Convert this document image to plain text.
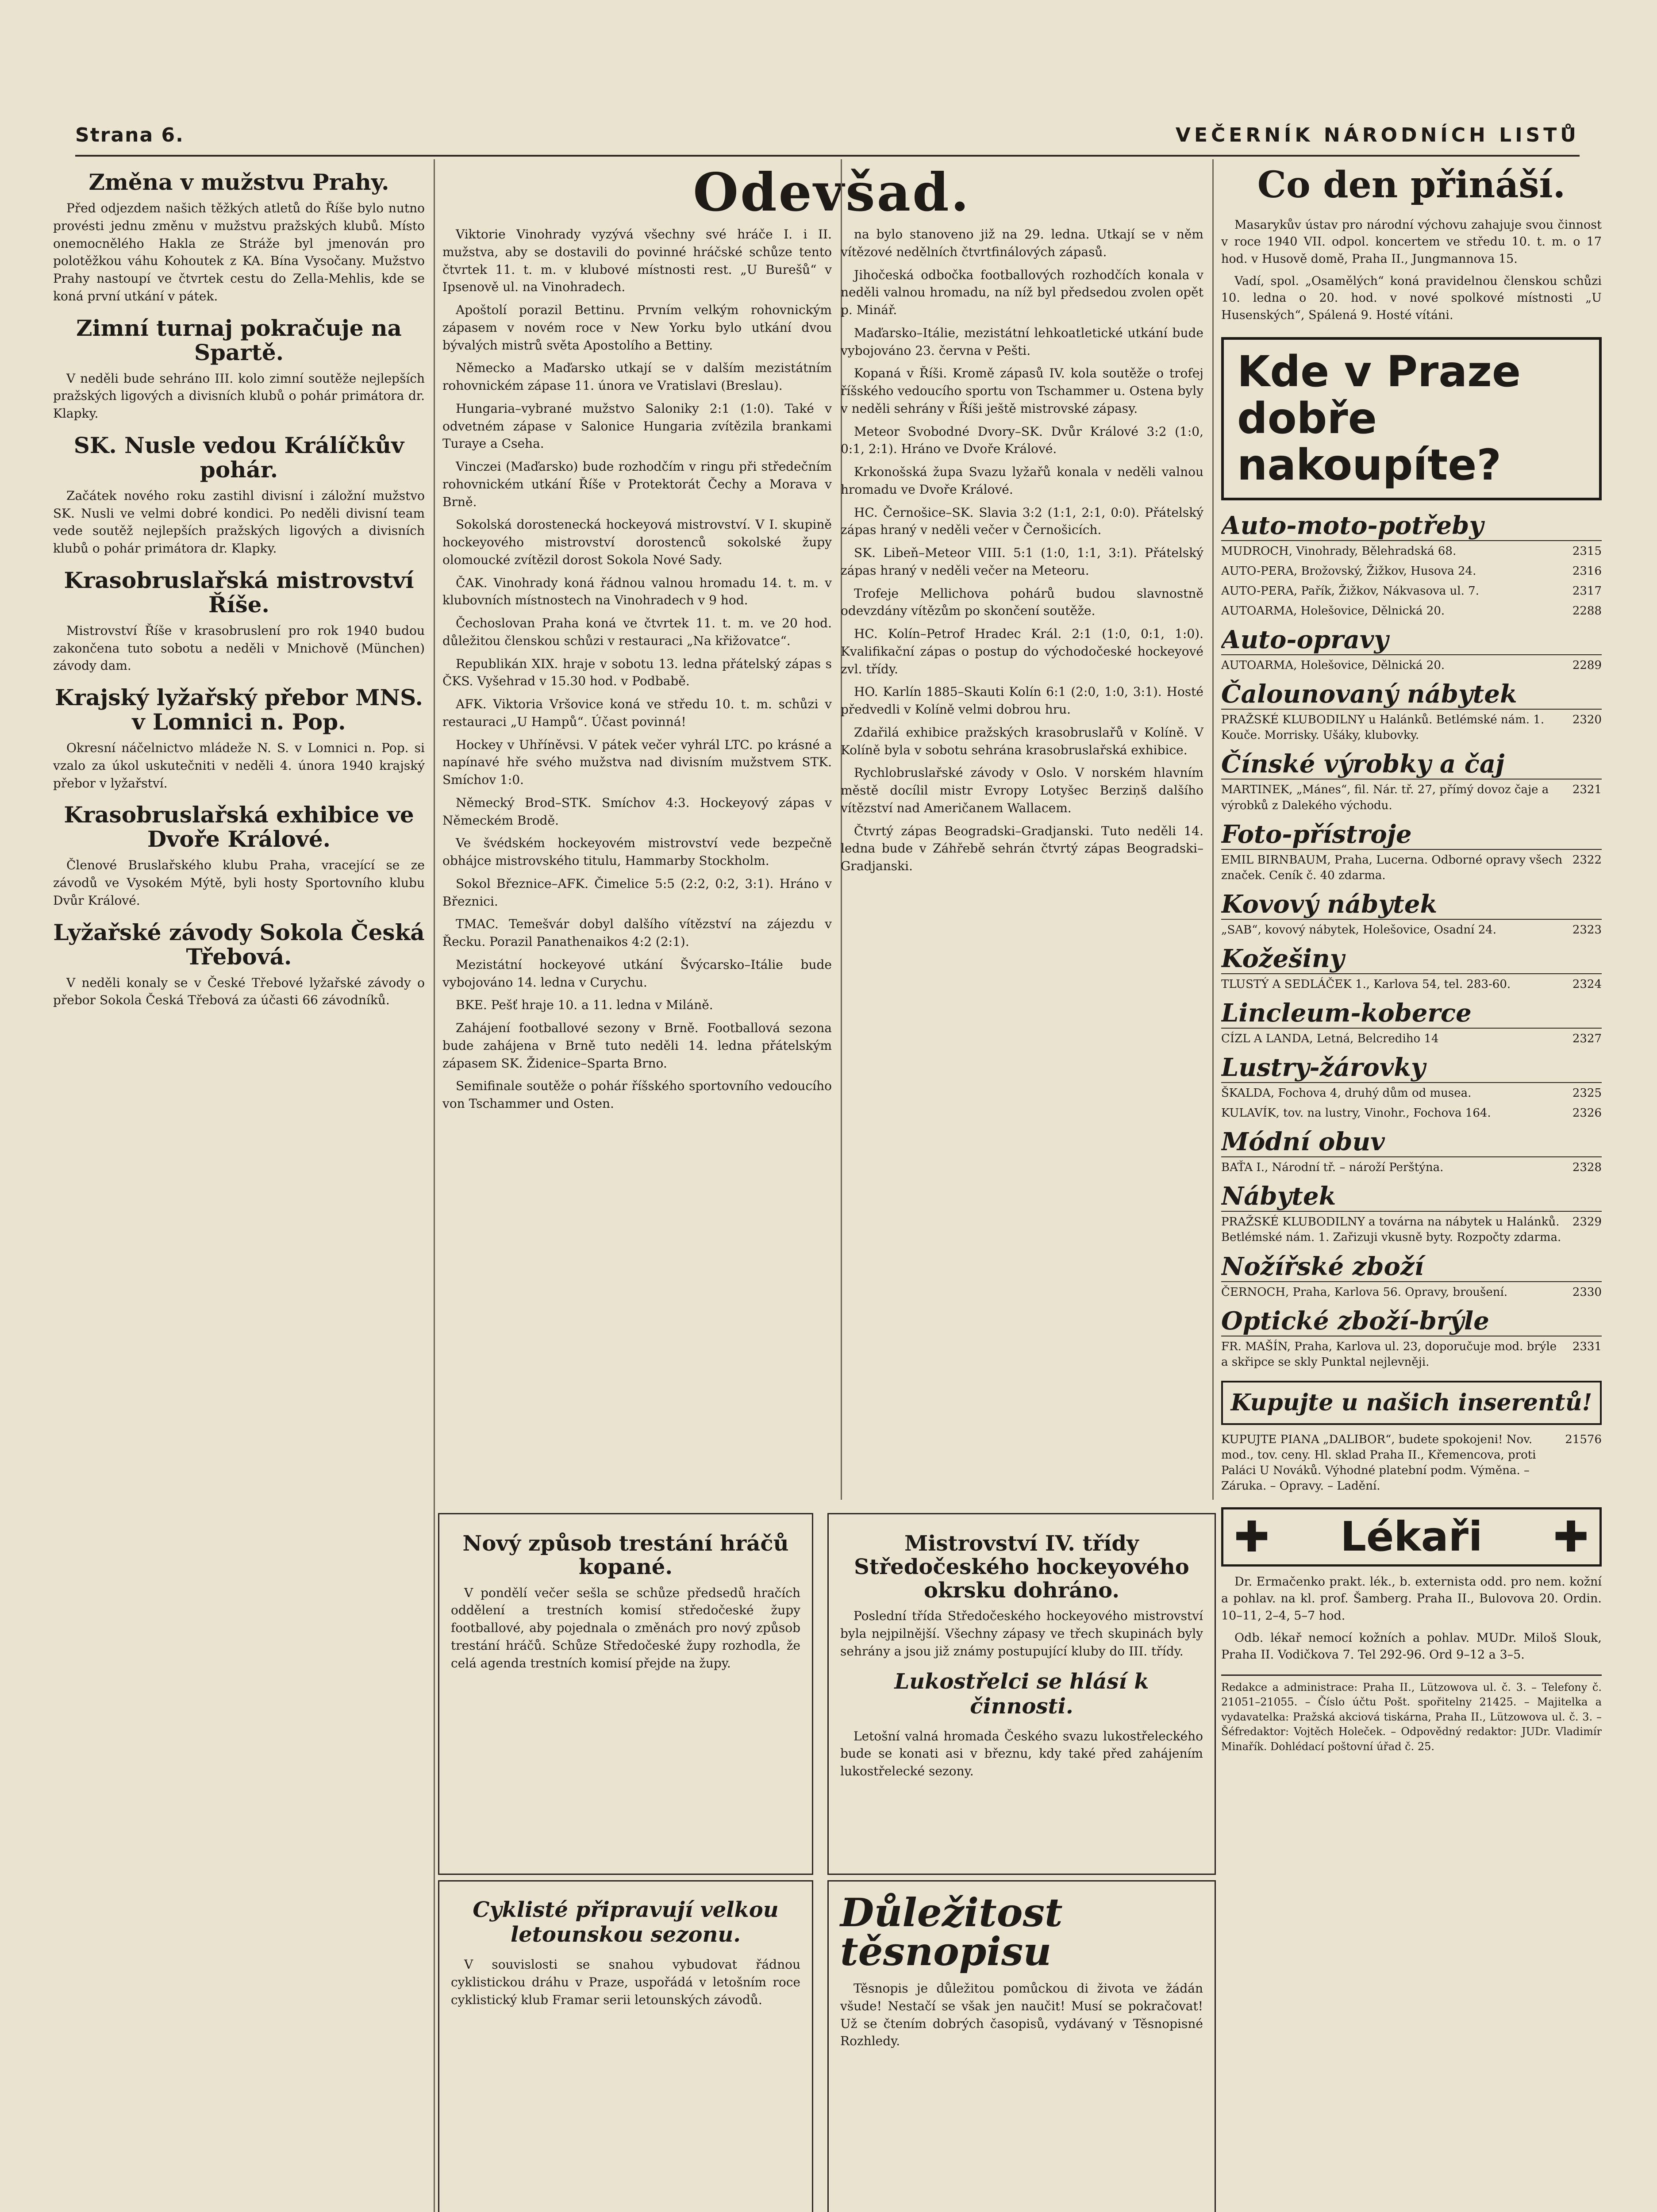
Strana 6.	VEČERNÍK NÁRODNÍCH LISTŮ
Odevšad.
Změna v mužstvu Prahy.

Před odjezdem našich těžkých atletů do Říše bylo nutno provésti jednu změnu v mužstvu pražských klubů. Místo onemocnělého Hakla ze Stráže byl jmenován pro polotěžkou váhu Kohoutek z KA. Bína Vysočany. Mužstvo Prahy nastoupí ve čtvrtek cestu do Zella-Mehlis, kde se koná první utkání v pátek.

Zimní turnaj pokračuje na Spartě.

V neděli bude sehráno III. kolo zimní soutěže nejlepších pražských ligových a divisních klubů o pohár primátora dr. Klapky.

SK. Nusle vedou Králíčkův pohár.

Začátek nového roku zastihl divisní i záložní mužstvo SK. Nusli ve velmi dobré kondici. Po neděli divisní team vede soutěž nejlepších pražských ligových a divisních klubů o pohár primátora dr. Klapky.

Krasobruslařská mistrovství Říše.

Mistrovství Říše v krasobruslení pro rok 1940 budou zakončena tuto sobotu a neděli v Mnichově (München) závody dam.

Krajský lyžařský přebor MNS. v Lomnici n. Pop.

Okresní náčelnictvo mládeže N. S. v Lomnici n. Pop. si vzalo za úkol uskutečniti v neděli 4. února 1940 krajský přebor v lyžařství.

Krasobruslařská exhibice ve Dvoře Králové.

Členové Bruslařského klubu Praha, vracející se ze závodů ve Vysokém Mýtě, byli hosty Sportovního klubu Dvůr Králové.

Lyžařské závody Sokola Česká Třebová.

V neděli konaly se v České Třebové lyžařské závody o přebor Sokola Česká Třebová za účasti 66 závodníků.

Viktorie Vinohrady vyzývá všechny své hráče I. i II. mužstva, aby se dostavili do povinné hráčské schůze tento čtvrtek 11. t. m. v klubové místnosti rest. „U Burešů“ v Ipsenově ul. na Vinohradech.

Apoštolí porazil Bettinu. Prvním velkým rohovnickým zápasem v novém roce v New Yorku bylo utkání dvou bývalých mistrů světa Apostolího a Bettiny.

Německo a Maďarsko utkají se v dalším mezistátním rohovnickém zápase 11. února ve Vratislavi (Breslau).

Hungaria–vybrané mužstvo Saloniky 2:1 (1:0). Také v odvetném zápase v Salonice Hungaria zvítězila brankami Turaye a Cseha.

Vinczei (Maďarsko) bude rozhodčím v ringu při středečním rohovnickém utkání Říše v Protektorát Čechy a Morava v Brně.

Sokolská dorostenecká hockeyová mistrovství. V I. skupině hockeyového mistrovství dorostenců sokolské župy olomoucké zvítězil dorost Sokola Nové Sady.

ČAK. Vinohrady koná řádnou valnou hromadu 14. t. m. v klubovních místnostech na Vinohradech v 9 hod.

Čechoslovan Praha koná ve čtvrtek 11. t. m. ve 20 hod. důležitou členskou schůzi v restauraci „Na křižovatce“.

Republikán XIX. hraje v sobotu 13. ledna přátelský zápas s ČKS. Vyšehrad v 15.30 hod. v Podbabě.

AFK. Viktoria Vršovice koná ve středu 10. t. m. schůzi v restauraci „U Hampů“. Účast povinná!

Hockey v Uhříněvsi. V pátek večer vyhrál LTC. po krásné a napínavé hře svého mužstva nad divisním mužstvem STK. Smíchov 1:0.

Německý Brod–STK. Smíchov 4:3. Hockeyový zápas v Německém Brodě.

Ve švédském hockeyovém mistrovství vede bezpečně obhájce mistrovského titulu, Hammarby Stockholm.

Sokol Březnice–AFK. Čimelice 5:5 (2:2, 0:2, 3:1). Hráno v Březnici.

TMAC. Temešvár dobyl dalšího vítězství na zájezdu v Řecku. Porazil Panathenaikos 4:2 (2:1).

Mezistátní hockeyové utkání Švýcarsko–Itálie bude vybojováno 14. ledna v Curychu.

BKE. Pešť hraje 10. a 11. ledna v Miláně.

Zahájení footballové sezony v Brně. Footballová sezona bude zahájena v Brně tuto neděli 14. ledna přátelským zápasem SK. Židenice–Sparta Brno.

Semifinale soutěže o pohár říšského sportovního vedoucího von Tschammer und Osten.

na bylo stanoveno již na 29. ledna. Utkají se v něm vítězové nedělních čtvrtfinálových zápasů.

Jihočeská odbočka footballových rozhodčích konala v neděli valnou hromadu, na níž byl předsedou zvolen opět p. Minář.

Maďarsko–Itálie, mezistátní lehkoatletické utkání bude vybojováno 23. června v Pešti.

Kopaná v Říši. Kromě zápasů IV. kola soutěže o trofej říšského vedoucího sportu von Tschammer u. Ostena byly v neděli sehrány v Říši ještě mistrovské zápasy.

Meteor Svobodné Dvory–SK. Dvůr Králové 3:2 (1:0, 0:1, 2:1). Hráno ve Dvoře Králové.

Krkonošská župa Svazu lyžařů konala v neděli valnou hromadu ve Dvoře Králové.

HC. Černošice–SK. Slavia 3:2 (1:1, 2:1, 0:0). Přátelský zápas hraný v neděli večer v Černošicích.

SK. Libeň–Meteor VIII. 5:1 (1:0, 1:1, 3:1). Přátelský zápas hraný v neděli večer na Meteoru.

Trofeje Mellichova pohárů budou slavnostně odevzdány vítězům po skončení soutěže.

HC. Kolín–Petrof Hradec Král. 2:1 (1:0, 0:1, 1:0). Kvalifikační zápas o postup do východočeské hockeyové zvl. třídy.

HO. Karlín 1885–Skauti Kolín 6:1 (2:0, 1:0, 3:1). Hosté předvedli v Kolíně velmi dobrou hru.

Zdařilá exhibice pražských krasobruslařů v Kolíně. V Kolíně byla v sobotu sehrána krasobruslařská exhibice.

Rychlobruslařské závody v Oslo. V norském hlavním městě docílil mistr Evropy Lotyšec Berziņš dalšího vítězství nad Američanem Wallacem.

Čtvrtý zápas Beogradski–Gradjanski. Tuto neděli 14. ledna bude v Záhřebě sehrán čtvrtý zápas Beogradski–Gradjanski.

Nový způsob trestání hráčů kopané.

V pondělí večer sešla se schůze předsedů hračích oddělení a trestních komisí středočeské župy footballové, aby pojednala o změnách pro nový způsob trestání hráčů. Schůze Středočeské župy rozhodla, že celá agenda trestních komisí přejde na župy.

Mistrovství IV. třídy Středočeského hockeyového okrsku dohráno.

Poslední třída Středočeského hockeyového mistrovství byla nejpilnější. Všechny zápasy ve třech skupinách byly sehrány a jsou již známy postupující kluby do III. třídy.

Lukostřelci se hlásí k činnosti.

Letošní valná hromada Českého svazu lukostřeleckého bude se konati asi v březnu, kdy také před zahájením lukostřelecké sezony.

Cyklisté připravují velkou letounskou sezonu.

V souvislosti se snahou vybudovat řádnou cyklistickou dráhu v Praze, uspořádá v letošním roce cyklistický klub Framar serii letounských závodů.

Důležitost těsnopisu

Těsnopis je důležitou pomůckou di života ve žádán všude! Nestačí se však jen naučit! Musí se pokračovat! Už se čtením dobrých časopisů, vydávaný v Těsnopisné Rozhledy.

Co den přináší.

Masarykův ústav pro národní výchovu zahajuje svou činnost v roce 1940 VII. odpol. koncertem ve středu 10. t. m. o 17 hod. v Husově domě, Praha II., Jungmannova 15.

Vadí, spol. „Osamělých“ koná pravidelnou členskou schůzi 10. ledna o 20. hod. v nové spolkové místnosti „U Husenských“, Spálená 9. Hosté vítáni.

Kde v Praze dobře nakoupíte?
Auto-moto-potřeby
MUDROCH, Vinohrady, Bělehradská 68.	2315
AUTO-PERA, Brožovský, Žižkov, Husova 24.	2316
AUTO-PERA, Pařík, Žižkov, Nákvasova ul. 7.	2317
AUTOARMA, Holešovice, Dělnická 20.	2288
Auto-opravy
AUTOARMA, Holešovice, Dělnická 20.	2289
Čalounovaný nábytek
PRAŽSKÉ KLUBODILNY u Halánků. Betlémské nám. 1. Kouče. Morrisky. Ušáky, klubovky.
2320
Čínské výrobky a čaj
MARTINEK, „Mánes“, fil. Nár. tř. 27, přímý dovoz čaje a výrobků z Dalekého východu.
2321
Foto-přístroje
EMIL BIRNBAUM, Praha, Lucerna. Odborné opravy všech značek. Ceník č. 40 zdarma.
2322
Kovový nábytek
„SAB“, kovový nábytek, Holešovice, Osadní 24.	2323
Kožešiny
TLUSTÝ A SEDLÁČEK 1., Karlova 54, tel. 283-60.	2324
Lincleum-koberce
CÍZL A LANDA, Letná, Belcrediho 14	2327
Lustry-žárovky
ŠKALDA, Fochova 4, druhý dům od museа.	2325
KULAVÍK, tov. na lustry, Vinohr., Fochova 164.	2326
Módní obuv
BAŤA I., Národní tř. – nároží Perštýna.	2328
Nábytek
PRAŽSKÉ KLUBODILNY a továrna na nábytek u Halánků. Betlémské nám. 1. Zařizuji vkusně byty. Rozpočty zdarma.
2329
Nožířské zboží
ČERNOCH, Praha, Karlova 56. Opravy, broušení.	2330
Optické zboží-brýle
FR. MAŠÍN, Praha, Karlova ul. 23, doporučuje mod. brýle a skřipce se skly Punktal nejlevněji.
2331
Kupujte u našich inserentů!
KUPUJTE PIANA „DALIBOR“, budete spokojeni! Nov. mod., tov. ceny. Hl. sklad Praha II., Křemencova, proti Paláci U Nováků. Výhodné platební podm. Výměna. – Záruka. – Opravy. – Ladění.
21576
✚ Lékaři ✚

Dr. Ermačenko prakt. lék., b. externista odd. pro nem. kožní a pohlav. na kl. prof. Šamberg. Praha II., Bulovova 20. Ordin. 10–11, 2–4, 5–7 hod.

Odb. lékař nemocí kožních a pohlav. MUDr. Miloš Slouk, Praha II. Vodičkova 7. Tel 292-96. Ord 9–12 a 3–5.

Redakce a administrace: Praha II., Lützowova ul. č. 3. – Telefony č. 21051–21055. – Číslo účtu Pošt. spořitelny 21425. – Majitelka a vydavatelka: Pražská akciová tiskárna, Praha II., Lützowova ul. č. 3. – Šéfredaktor: Vojtěch Holeček. – Odpovědný redaktor: JUDr. Vladimír Minařík. Dohlédací poštovní úřad č. 25.
